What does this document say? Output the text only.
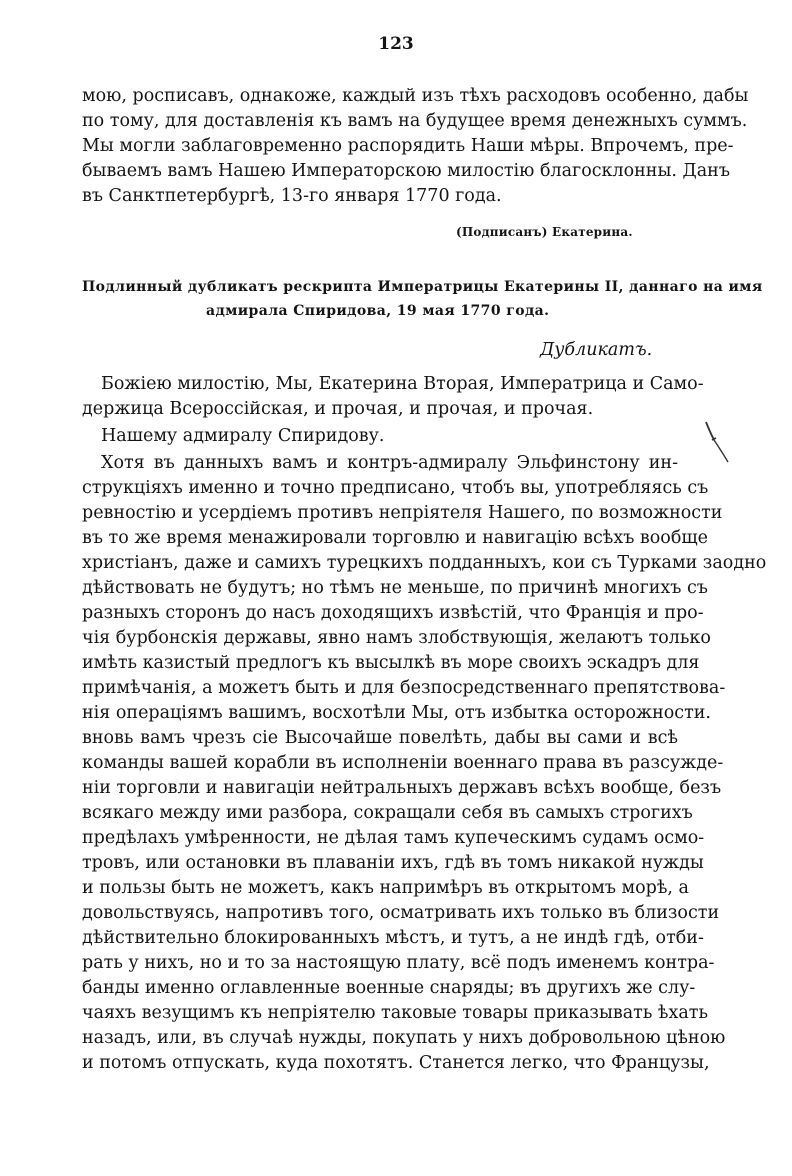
123
мою, росписавъ, однакоже, каждый изъ тѣхъ расходовъ особенно, дабы
по тому, для доставленія къ вамъ на будущее время денежныхъ суммъ.
Мы могли заблаговременно распорядить Наши мѣры. Впрочемъ, пре-
бываемъ вамъ Нашею Императорскою милостію благосклонны. Данъ
въ Санктпетербургѣ, 13-го января 1770 года.
(Подписанъ) Екатерина.
Подлинный дубликатъ рескрипта Императрицы Екатерины II, даннаго на имя
адмирала Спиридова, 19 мая 1770 года.
Дубликатъ.
Божіею милостію, Мы, Екатерина Вторая, Императрица и Само-
держица Всероссійская, и прочая, и прочая, и прочая.
Нашему адмиралу Спиридову.
Хотя въ данныхъ вамъ и контръ-адмиралу Эльфинстону ин-
струкціяхъ именно и точно предписано, чтобъ вы, употребляясь съ
ревностію и усердіемъ противъ непріятеля Нашего, по возможности
въ то же время менажировали торговлю и навигацію всѣхъ вообще
христіанъ, даже и самихъ турецкихъ подданныхъ, кои съ Турками заодно
дѣйствовать не будутъ; но тѣмъ не меньше, по причинѣ многихъ съ
разныхъ сторонъ до насъ доходящихъ извѣстій, что Франція и про-
чія бурбонскія державы, явно намъ злобствующія, желаютъ только
имѣть казистый предлогъ къ высылкѣ въ море своихъ эскадръ для
примѣчанія, а можетъ быть и для безпосредственнаго препятствова-
нія операціямъ вашимъ, восхотѣли Мы, отъ избытка осторожности.
вновь вамъ чрезъ сіе Высочайше повелѣть, дабы вы сами и всѣ
команды вашей корабли въ исполненіи военнаго права въ разсужде-
ніи торговли и навигаціи нейтральныхъ державъ всѣхъ вообще, безъ
всякаго между ими разбора, сокращали себя въ самыхъ строгихъ
предѣлахъ умѣренности, не дѣлая тамъ купеческимъ судамъ осмо-
тровъ, или остановки въ плаваніи ихъ, гдѣ въ томъ никакой нужды
и пользы быть не можетъ, какъ напримѣръ въ открытомъ морѣ, а
довольствуясь, напротивъ того, осматривать ихъ только въ близости
дѣйствительно блокированныхъ мѣстъ, и тутъ, а не индѣ гдѣ, отби-
рать у нихъ, но и то за настоящую плату, всё подъ именемъ контра-
банды именно оглавленные военные снаряды; въ другихъ же слу-
чаяхъ везущимъ къ непріятелю таковые товары приказывать ѣхать
назадъ, или, въ случаѣ нужды, покупать у нихъ добровольною цѣною
и потомъ отпускать, куда похотятъ. Станется легко, что Французы,
